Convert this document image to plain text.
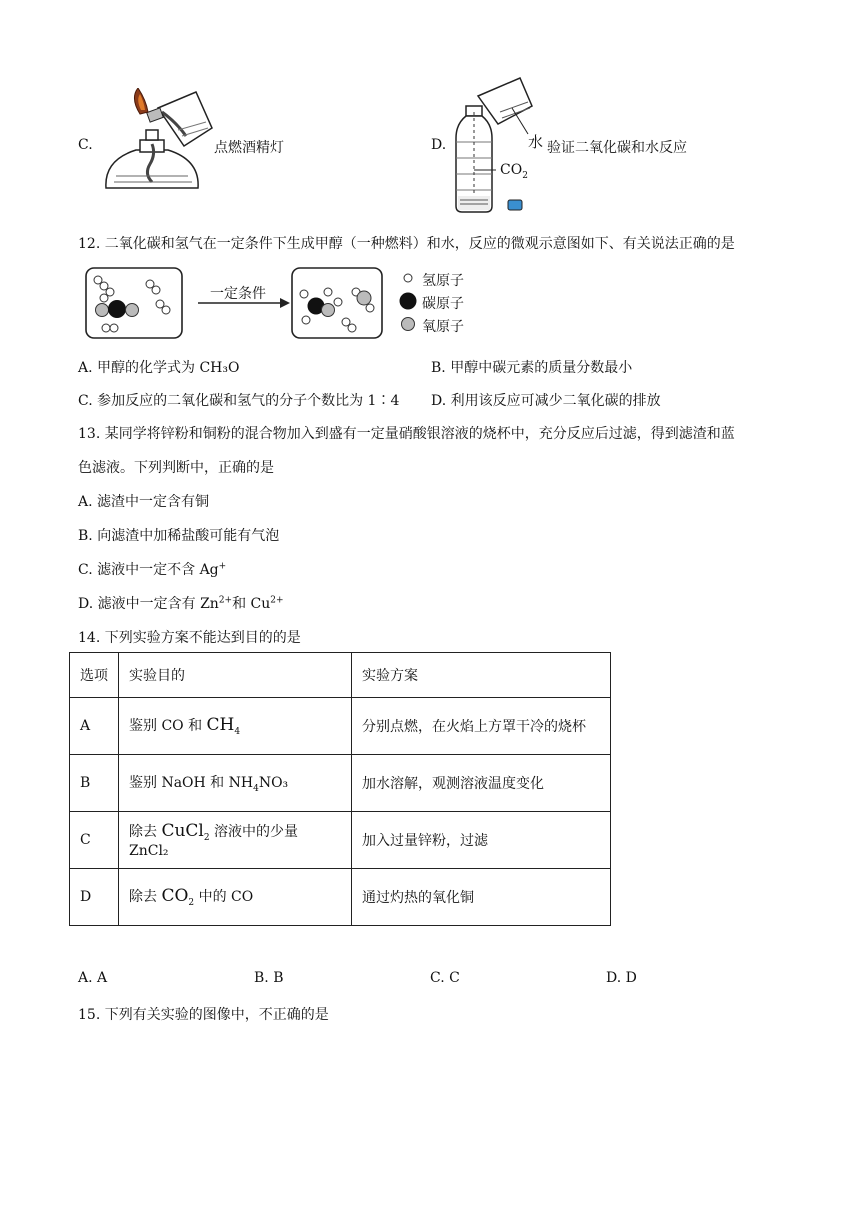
C.	点燃酒精灯	D.	水 验证二氧化碳和水反应
$CO_2$
12. 二氧化碳和氢气在一定条件下生成甲醇（一种燃料）和水，反应的微观示意图如下、有关说法正确的是
一定条件
氢原子
碳原子
氧原子
A. 甲醇的化学式为 CH₃O	B. 甲醇中碳元素的质量分数最小
C. 参加反应的二氧化碳和氢气的分子个数比为 1∶4 D. 利用该反应可减少二氧化碳的排放
13. 某同学将锌粉和铜粉的混合物加入到盛有一定量硝酸银溶液的烧杯中，充分反应后过滤，得到滤渣和蓝
色滤液。下列判断中，正确的是
A. 滤渣中一定含有铜
B. 向滤渣中加稀盐酸可能有气泡
C. 滤液中一定不含 Ag+
D. 滤液中一定含有 $Zn^{2+}$和 $Cu^{2+}$
14. 下列实验方案不能达到目的的是
选项	实验目的	实验方案
A	鉴别 CO 和 $CH_4$	分别点燃，在火焰上方罩干冷的烧杯
B	鉴别 NaOH 和 $NH_4NO_3$	加水溶解，观测溶液温度变化
C	除去 CuCl$_2$ 溶液中的少量 ZnCl₂	加入过量锌粉，过滤
D	除去 $CO_2$ 中的 CO	通过灼热的氧化铜
A. A	B. B	C. C	D. D
15. 下列有关实验的图像中，不正确的是
